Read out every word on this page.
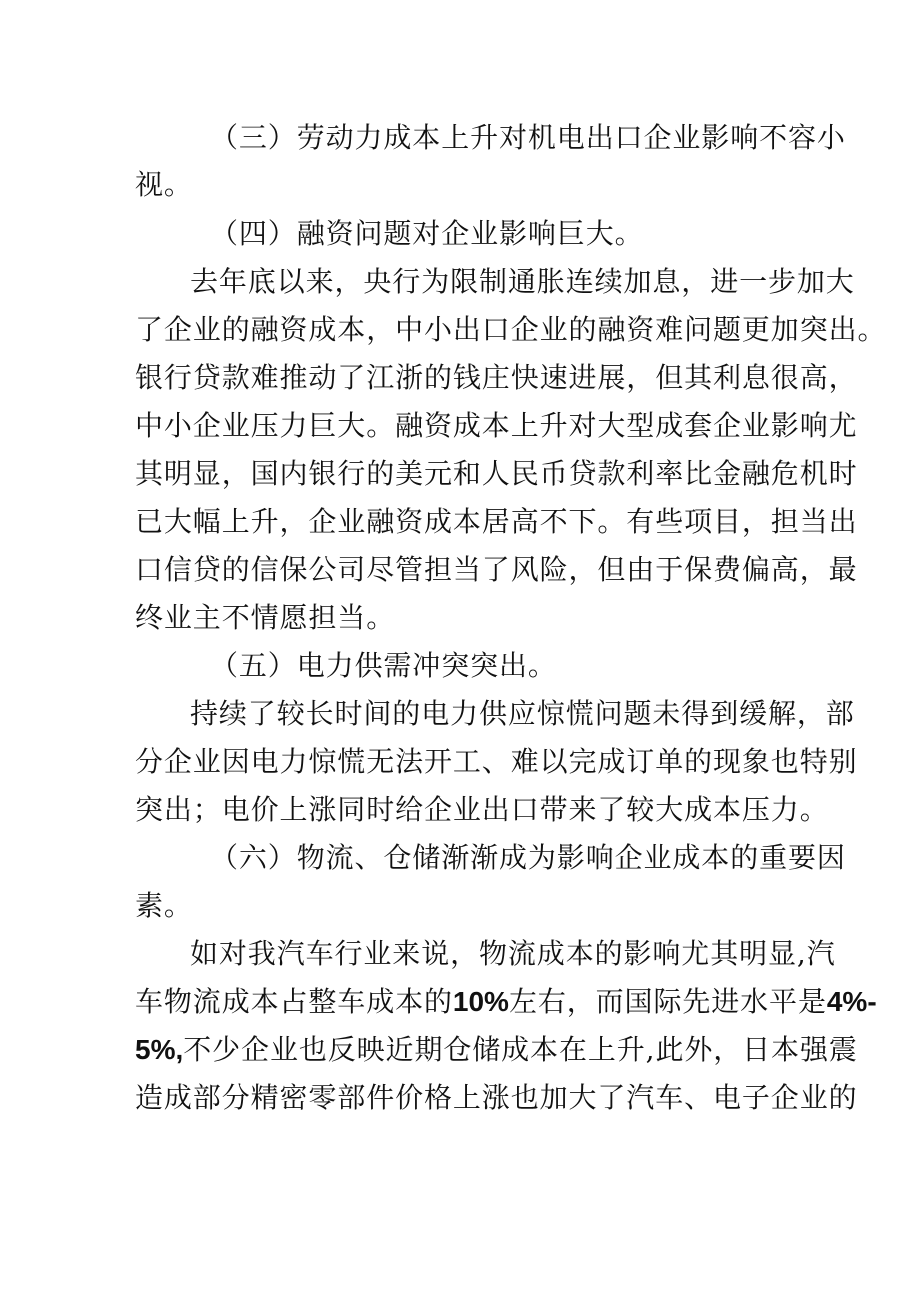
（三）劳动力成本上升对机电出口企业影响不容小
视。
（四）融资问题对企业影响巨大。
去年底以来，央行为限制通胀连续加息，进一步加大
了企业的融资成本，中小出口企业的融资难问题更加突出。
银行贷款难推动了江浙的钱庄快速进展，但其利息很高，
中小企业压力巨大。融资成本上升对大型成套企业影响尤
其明显，国内银行的美元和人民币贷款利率比金融危机时
已大幅上升，企业融资成本居高不下。有些项目，担当出
口信贷的信保公司尽管担当了风险，但由于保费偏高，最
终业主不情愿担当。
（五）电力供需冲突突出。
持续了较长时间的电力供应惊慌问题未得到缓解，部
分企业因电力惊慌无法开工、难以完成订单的现象也特别
突出；电价上涨同时给企业出口带来了较大成本压力。
（六）物流、仓储渐渐成为影响企业成本的重要因
素。
如对我汽车行业来说，物流成本的影响尤其明显,汽
车物流成本占整车成本的10%左右，而国际先进水平是4%-
5%,不少企业也反映近期仓储成本在上升,此外，日本强震
造成部分精密零部件价格上涨也加大了汽车、电子企业的
